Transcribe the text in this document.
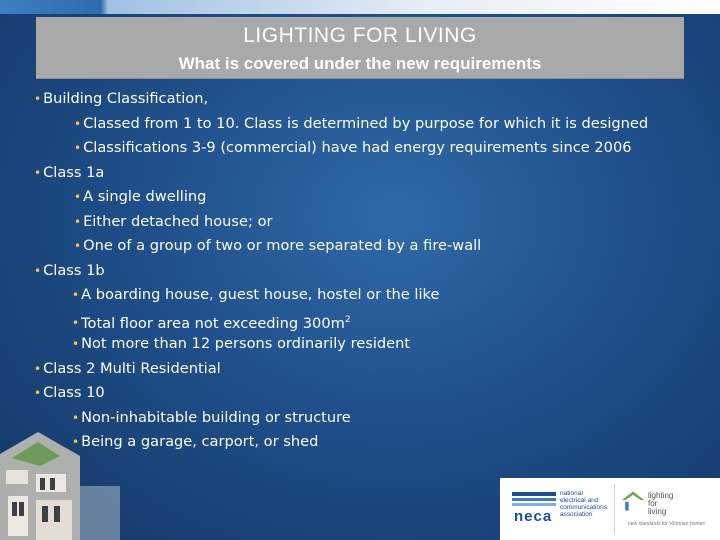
LIGHTING FOR LIVING
What is covered under the new requirements
• Building Classification,
• Classed from 1 to 10. Class is determined by purpose for which it is designed
• Classifications 3-9 (commercial) have had energy requirements since 2006
• Class 1a
• A single dwelling
• Either detached house; or
• One of a group of two or more separated by a fire-wall
• Class 1b
• A boarding house, guest house, hostel or the like
• Total floor area not exceeding $300m^2$
• Not more than 12 persons ordinarily resident
• Class 2 Multi Residential
• Class 10
• Non-inhabitable building or structure
• Being a garage, carport, or shed
neca
national
electrical and
communications
association
lighting
for
living
new standards for Victorian homes
